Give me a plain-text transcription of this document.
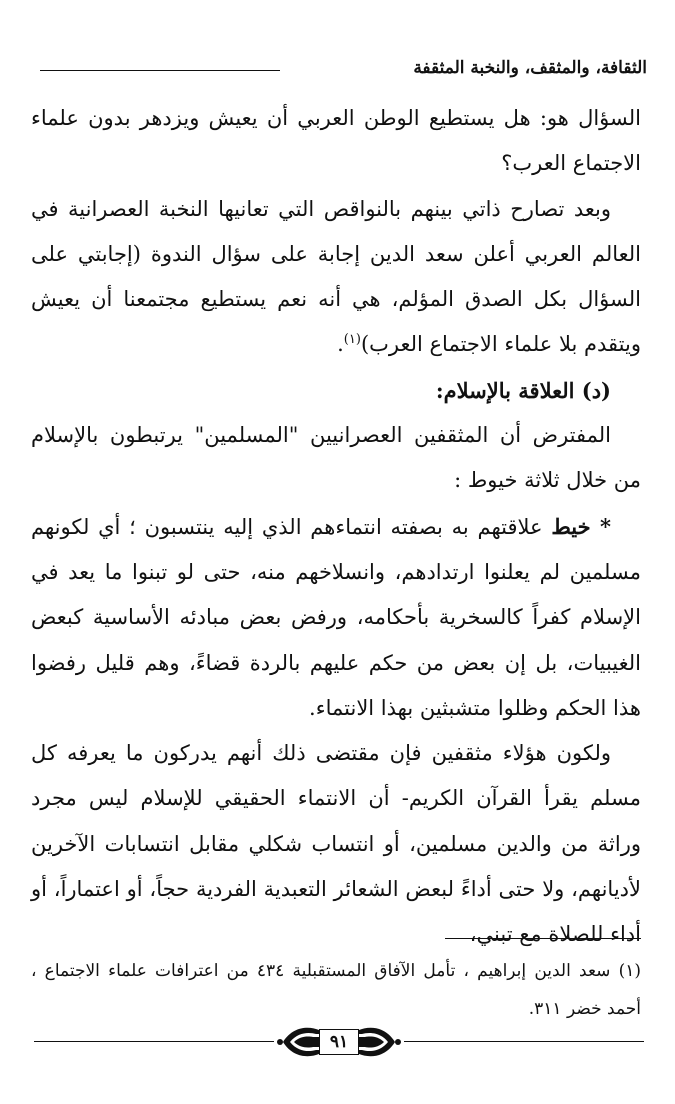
الثقافة، والمثقف، والنخبة المثقفة

السؤال هو: هل يستطيع الوطن العربي أن يعيش ويزدهر بدون علماء الاجتماع العرب؟

وبعد تصارح ذاتي بينهم بالنواقص التي تعانيها النخبة العصرانية في العالم العربي أعلن سعد الدين إجابة على سؤال الندوة (إجابتي على السؤال بكل الصدق المؤلم، هي أنه نعم يستطيع مجتمعنا أن يعيش ويتقدم بلا علماء الاجتماع العرب)$^{(١)}$.

(د) العلاقة بالإسلام:

المفترض أن المثقفين العصرانيين "المسلمين" يرتبطون بالإسلام من خلال ثلاثة خيوط :

* خيط علاقتهم به بصفته انتماءهم الذي إليه ينتسبون ؛ أي لكونهم مسلمين لم يعلنوا ارتدادهم، وانسلاخهم منه، حتى لو تبنوا ما يعد في الإسلام كفراً كالسخرية بأحكامه، ورفض بعض مبادئه الأساسية كبعض الغيبيات، بل إن بعض من حكم عليهم بالردة قضاءً، وهم قليل رفضوا هذا الحكم وظلوا متشبثين بهذا الانتماء.

ولكون هؤلاء مثقفين فإن مقتضى ذلك أنهم يدركون ما يعرفه كل مسلم يقرأ القرآن الكريم- أن الانتماء الحقيقي للإسلام ليس مجرد وراثة من والدين مسلمين، أو انتساب شكلي مقابل انتسابات الآخرين لأديانهم، ولا حتى أداءً لبعض الشعائر التعبدية الفردية حجاً، أو اعتماراً، أو أداء للصلاة مع تبني،

(١) سعد الدين إبراهيم ، تأمل الآفاق المستقبلية ٤٣٤ من اعترافات علماء الاجتماع ، أحمد خضر ٣١١.
٩١
